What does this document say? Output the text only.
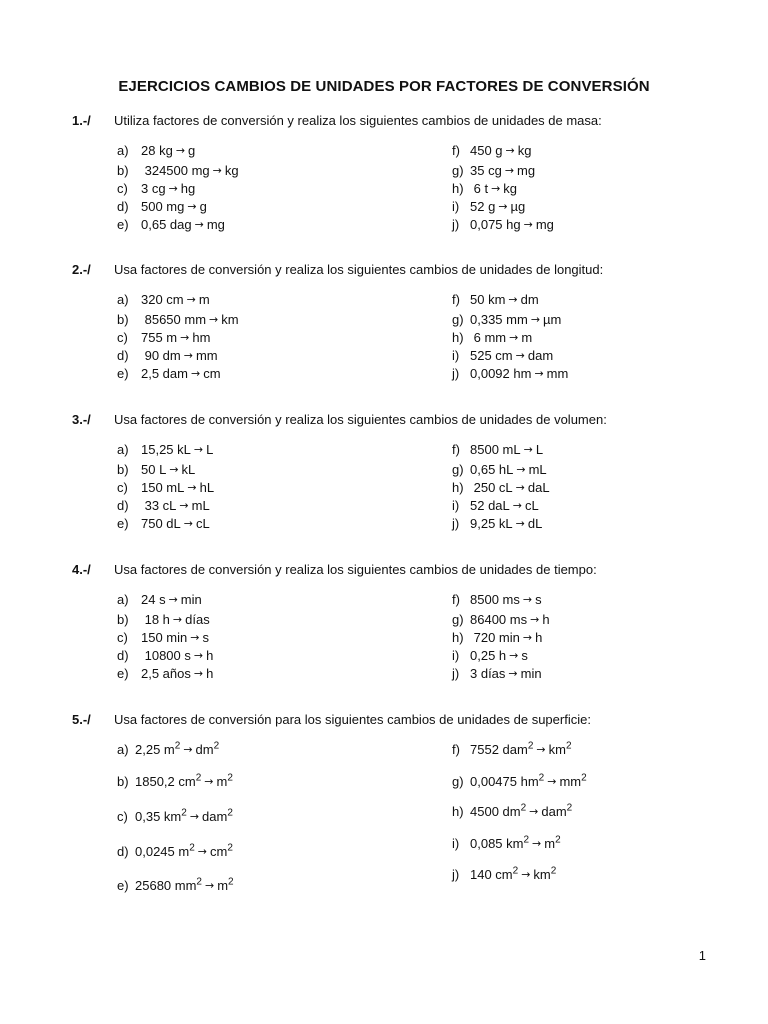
EJERCICIOS CAMBIOS DE UNIDADES POR FACTORES DE CONVERSIÓN
1.-/ Utiliza factores de conversión y realiza los siguientes cambios de unidades de masa:
a) 28 kg → g
b) 324500 mg → kg
c) 3 cg → hg
d) 500 mg → g
e) 0,65 dag → mg
f) 450 g → kg
g) 35 cg → mg
h) 6 t → kg
i) 52 g → µg
j) 0,075 hg → mg
2.-/ Usa factores de conversión y realiza los siguientes cambios de unidades de longitud:
a) 320 cm → m
b) 85650 mm → km
c) 755 m → hm
d) 90 dm → mm
e) 2,5 dam → cm
f) 50 km → dm
g) 0,335 mm → µm
h) 6 mm → m
i) 525 cm → dam
j) 0,0092 hm → mm
3.-/ Usa factores de conversión y realiza los siguientes cambios de unidades de volumen:
a) 15,25 kL → L
b) 50 L → kL
c) 150 mL → hL
d) 33 cL → mL
e) 750 dL → cL
f) 8500 mL → L
g) 0,65 hL → mL
h) 250 cL → daL
i) 52 daL → cL
j) 9,25 kL → dL
4.-/ Usa factores de conversión y realiza los siguientes cambios de unidades de tiempo:
a) 24 s → min
b) 18 h → días
c) 150 min → s
d) 10800 s → h
e) 2,5 años → h
f) 8500 ms → s
g) 86400 ms → h
h) 720 min → h
i) 0,25 h → s
j) 3 días → min
5.-/ Usa factores de conversión para los siguientes cambios de unidades de superficie:
a) 2,25 $m^2 \to dm^2$
b) 1850,2 $cm^2 \to m^2$
c) 0,35 $km^2 \to dam^2$
d) 0,0245 $m^2 \to cm^2$
e) 25680 $mm^2 \to m^2$
f) 7552 $dam^2 \to km^2$
g) 0,00475 $hm^2 \to mm^2$
h) 4500 $dm^2 \to dam^2$
i) 0,085 $km^2 \to m^2$
j) 140 $cm^2 \to km^2$
1
